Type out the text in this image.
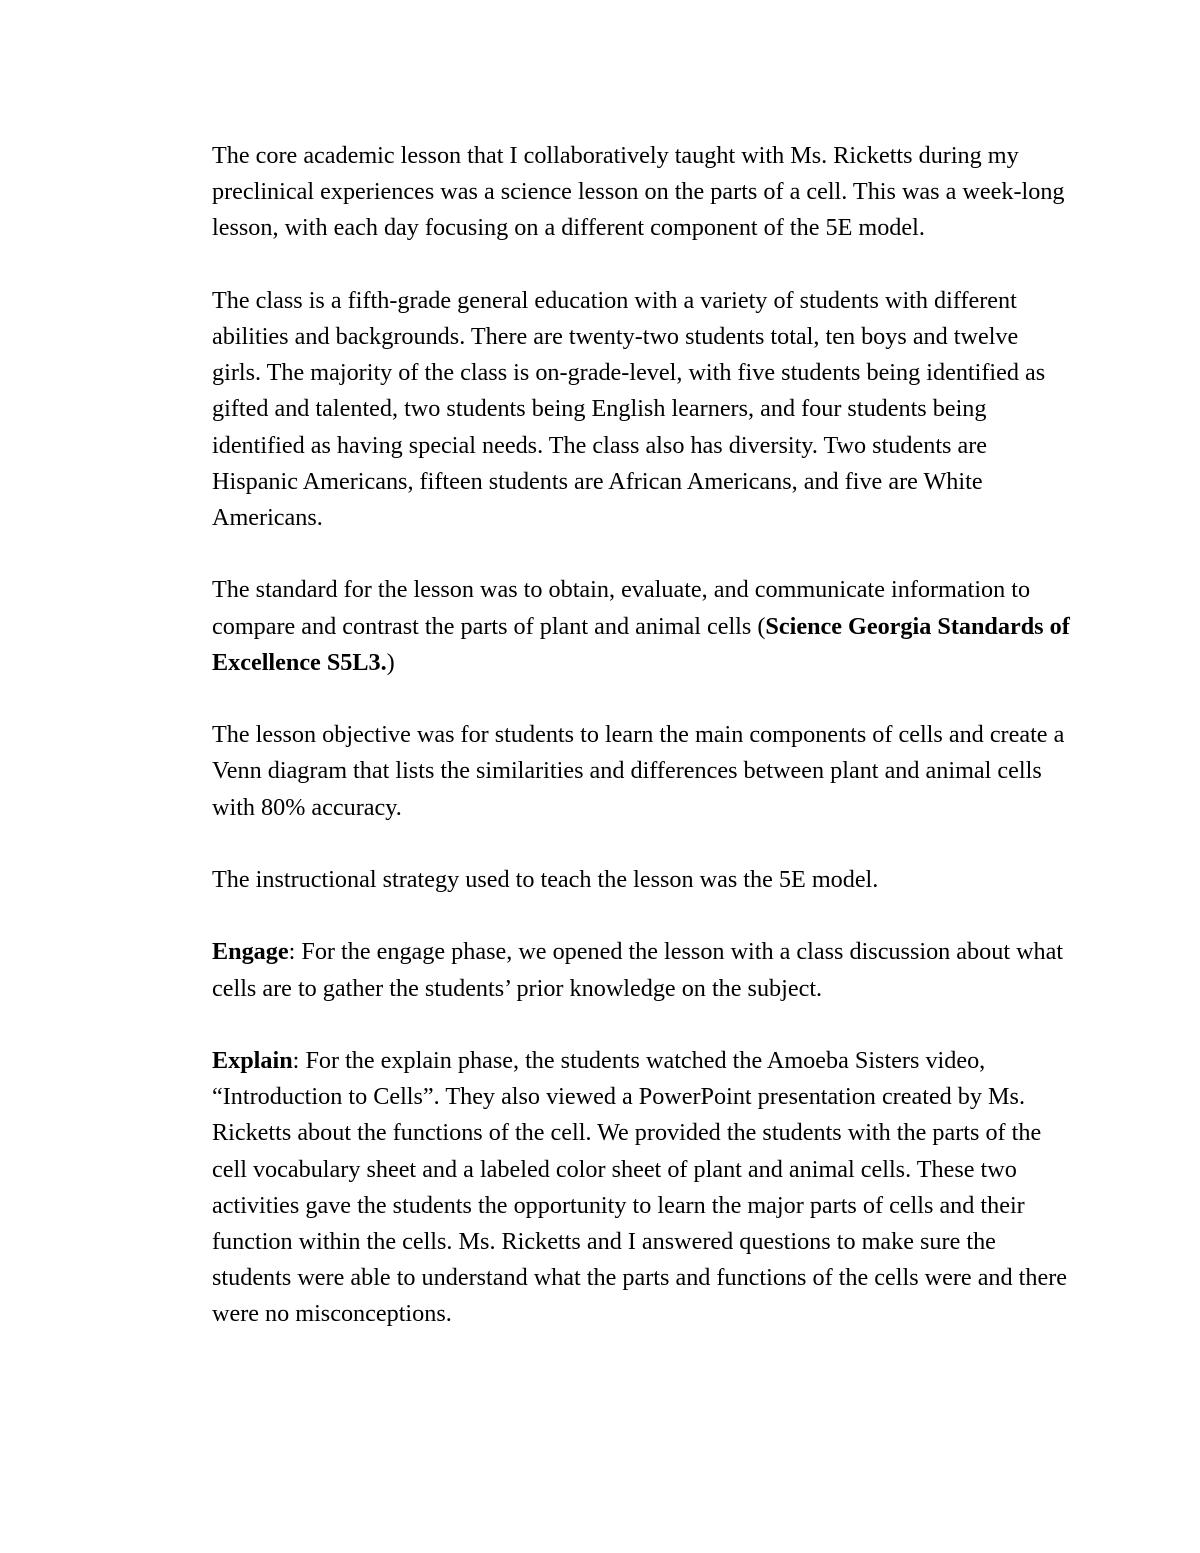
The core academic lesson that I collaboratively taught with Ms. Ricketts during my preclinical experiences was a science lesson on the parts of a cell. This was a week-long lesson, with each day focusing on a different component of the 5E model.

The class is a fifth-grade general education with a variety of students with different abilities and backgrounds. There are twenty-two students total, ten boys and twelve girls. The majority of the class is on-grade-level, with five students being identified as gifted and talented, two students being English learners, and four students being identified as having special needs. The class also has diversity. Two students are Hispanic Americans, fifteen students are African Americans, and five are White Americans.

The standard for the lesson was to obtain, evaluate, and communicate information to compare and contrast the parts of plant and animal cells (Science Georgia Standards of Excellence S5L3.)

The lesson objective was for students to learn the main components of cells and create a Venn diagram that lists the similarities and differences between plant and animal cells with 80% accuracy.

The instructional strategy used to teach the lesson was the 5E model.

Engage: For the engage phase, we opened the lesson with a class discussion about what cells are to gather the students’ prior knowledge on the subject.

Explain: For the explain phase, the students watched the Amoeba Sisters video, “Introduction to Cells”. They also viewed a PowerPoint presentation created by Ms. Ricketts about the functions of the cell. We provided the students with the parts of the cell vocabulary sheet and a labeled color sheet of plant and animal cells. These two activities gave the students the opportunity to learn the major parts of cells and their function within the cells. Ms. Ricketts and I answered questions to make sure the students were able to understand what the parts and functions of the cells were and there were no misconceptions.
